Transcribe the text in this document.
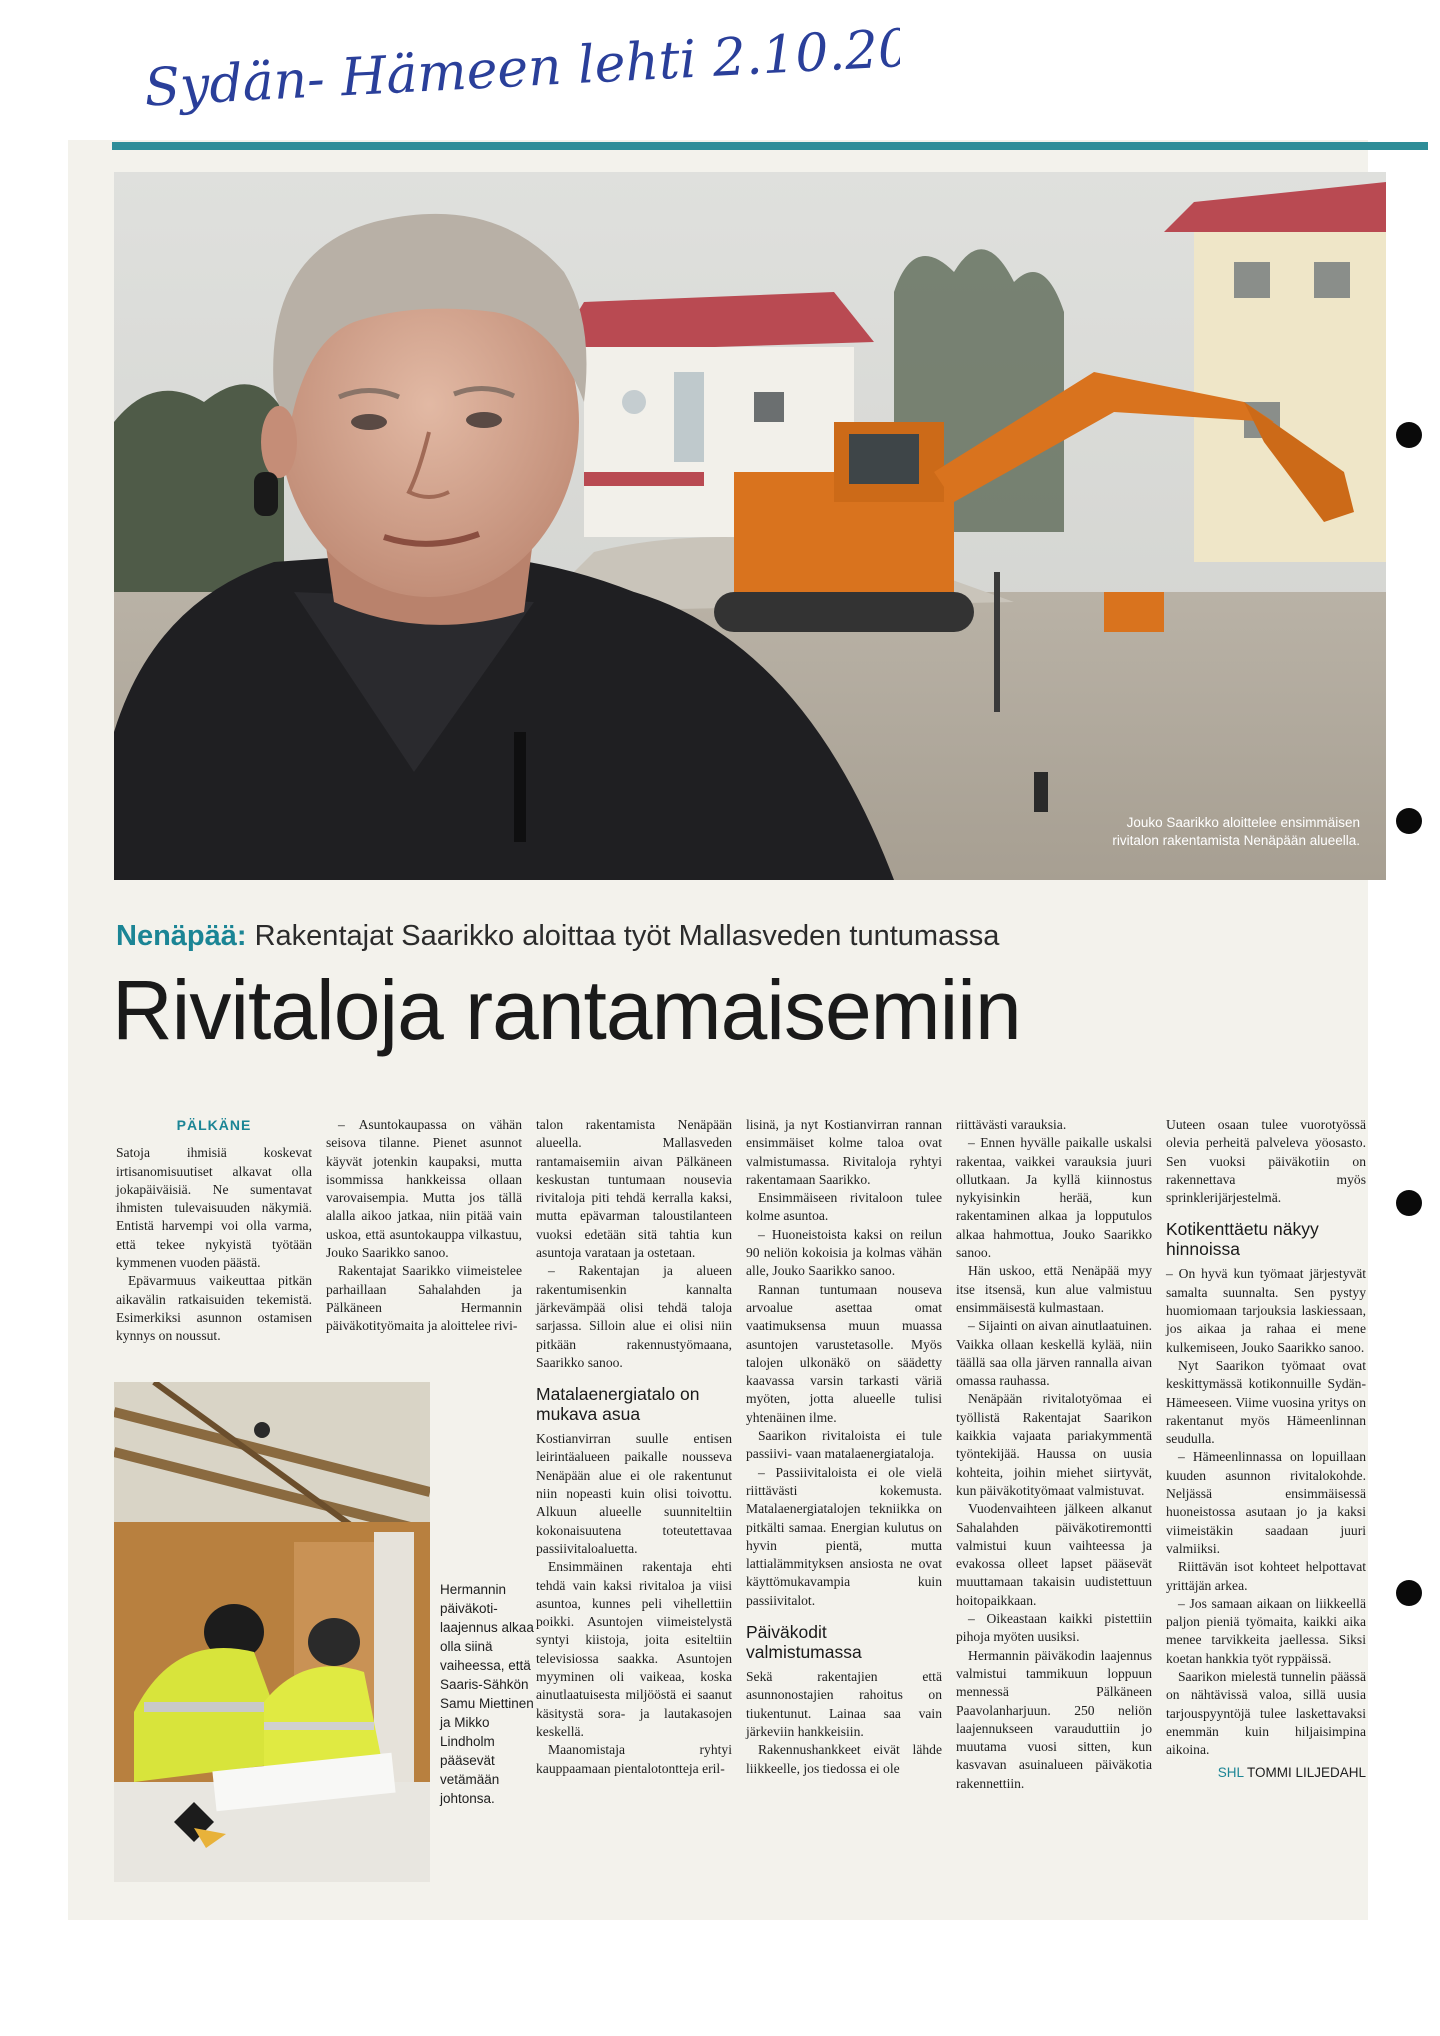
Sydän- Hämeen lehti 2.10.2013
Jouko Saarikko aloittelee ensimmäisen rivitalon rakentamista Nenäpään alueella.
Nenäpää: Rakentajat Saarikko aloittaa työt Mallasveden tuntumassa
Rivitaloja rantamaisemiin
PÄLKÄNE

Satoja ihmisiä koskevat irtisanomisuutiset alkavat olla jokapäiväisiä. Ne sumentavat ihmisten tulevaisuuden näkymiä. Entistä harvempi voi olla varma, että tekee nykyistä työtään kymmenen vuoden päästä.

Epävarmuus vaikeuttaa pitkän aikavälin ratkaisuiden tekemistä. Esimerkiksi asunnon ostamisen kynnys on noussut.

– Asuntokaupassa on vähän seisova tilanne. Pienet asunnot käyvät jotenkin kaupaksi, mutta isommissa hankkeissa ollaan varovaisempia. Mutta jos tällä alalla aikoo jatkaa, niin pitää vain uskoa, että asuntokauppa vilkastuu, Jouko Saarikko sanoo.

Rakentajat Saarikko viimeistelee parhaillaan Sahalahden ja Pälkäneen Hermannin päiväkotityömaita ja aloittelee rivi-

talon rakentamista Nenäpään alueella. Mallasveden rantamaisemiin aivan Pälkäneen keskustan tuntumaan nousevia rivitaloja piti tehdä kerralla kaksi, mutta epävarman taloustilanteen vuoksi edetään sitä tahtia kun asuntoja varataan ja ostetaan.

– Rakentajan ja alueen rakentumisenkin kannalta järkevämpää olisi tehdä taloja sarjassa. Silloin alue ei olisi niin pitkään rakennustyömaana, Saarikko sanoo.

Matalaenergiatalo on mukava asua

Kostianvirran suulle entisen leirintäalueen paikalle nousseva Nenäpään alue ei ole rakentunut niin nopeasti kuin olisi toivottu. Alkuun alueelle suunniteltiin kokonaisuutena toteutettavaa passiivitaloaluetta.

Ensimmäinen rakentaja ehti tehdä vain kaksi rivitaloa ja viisi asuntoa, kunnes peli vihellettiin poikki. Asuntojen viimeistelystä syntyi kiistoja, joita esiteltiin televisiossa saakka. Asuntojen myyminen oli vaikeaa, koska ainutlaatuisesta miljööstä ei saanut käsitystä sora- ja lautakasojen keskellä.

Maanomistaja ryhtyi kauppaamaan pientalotontteja eril-

lisinä, ja nyt Kostianvirran rannan ensimmäiset kolme taloa ovat valmistumassa. Rivitaloja ryhtyi rakentamaan Saarikko.

Ensimmäiseen rivitaloon tulee kolme asuntoa.

– Huoneistoista kaksi on reilun 90 neliön kokoisia ja kolmas vähän alle, Jouko Saarikko sanoo.

Rannan tuntumaan nouseva arvoalue asettaa omat vaatimuksensa muun muassa asuntojen varustetasolle. Myös talojen ulkonäkö on säädetty kaavassa varsin tarkasti väriä myöten, jotta alueelle tulisi yhtenäinen ilme.

Saarikon rivitaloista ei tule passiivi- vaan matalaenergiataloja.

– Passiivitaloista ei ole vielä riittävästi kokemusta. Matalaenergiatalojen tekniikka on pitkälti samaa. Energian kulutus on hyvin pientä, mutta lattialämmityksen ansiosta ne ovat käyttömukavampia kuin passiivitalot.

Päiväkodit valmistumassa

Sekä rakentajien että asunnonostajien rahoitus on tiukentunut. Lainaa saa vain järkeviin hankkeisiin.

Rakennushankkeet eivät lähde liikkeelle, jos tiedossa ei ole

riittävästi varauksia.

– Ennen hyvälle paikalle uskalsi rakentaa, vaikkei varauksia juuri ollutkaan. Ja kyllä kiinnostus nykyisinkin herää, kun rakentaminen alkaa ja lopputulos alkaa hahmottua, Jouko Saarikko sanoo.

Hän uskoo, että Nenäpää myy itse itsensä, kun alue valmistuu ensimmäisestä kulmastaan.

– Sijainti on aivan ainutlaatuinen. Vaikka ollaan keskellä kylää, niin täällä saa olla järven rannalla aivan omassa rauhassa.

Nenäpään rivitalotyömaa ei työllistä Rakentajat Saarikon kaikkia vajaata pariakymmentä työntekijää. Haussa on uusia kohteita, joihin miehet siirtyvät, kun päiväkotityömaat valmistuvat.

Vuodenvaihteen jälkeen alkanut Sahalahden päiväkotiremontti valmistui kuun vaihteessa ja evakossa olleet lapset pääsevät muuttamaan takaisin uudistettuun hoitopaikkaan.

– Oikeastaan kaikki pistettiin pihoja myöten uusiksi.

Hermannin päiväkodin laajennus valmistui tammikuun loppuun mennessä Pälkäneen Paavolanharjuun. 250 neliön laajennukseen varauduttiin jo muutama vuosi sitten, kun kasvavan asuinalueen päiväkotia rakennettiin.

Uuteen osaan tulee vuorotyössä olevia perheitä palveleva yöosasto. Sen vuoksi päiväkotiin on rakennettava myös sprinklerijärjestelmä.

Kotikenttäetu näkyy hinnoissa

– On hyvä kun työmaat järjestyvät samalta suunnalta. Sen pystyy huomiomaan tarjouksia laskiessaan, jos aikaa ja rahaa ei mene kulkemiseen, Jouko Saarikko sanoo.

Nyt Saarikon työmaat ovat keskittymässä kotikonnuille Sydän-Hämeeseen. Viime vuosina yritys on rakentanut myös Hämeenlinnan seudulla.

– Hämeenlinnassa on lopuillaan kuuden asunnon rivitalokohde. Neljässä ensimmäisessä huoneistossa asutaan jo ja kaksi viimeistäkin saadaan juuri valmiiksi.

Riittävän isot kohteet helpottavat yrittäjän arkea.

– Jos samaan aikaan on liikkeellä paljon pieniä työmaita, kaikki aika menee tarvikkeita jaellessa. Siksi koetan hankkia työt ryppäissä.

Saarikon mielestä tunnelin päässä on nähtävissä valoa, sillä uusia tarjouspyyntöjä tulee laskettavaksi enemmän kuin hiljaisimpina aikoina.

SHL TOMMI LILJEDAHL
Hermannin päiväkoti-laajennus alkaa olla siinä vaiheessa, että Saaris-Sähkön Samu Miettinen ja Mikko Lindholm pääsevät vetämään johtonsa.
